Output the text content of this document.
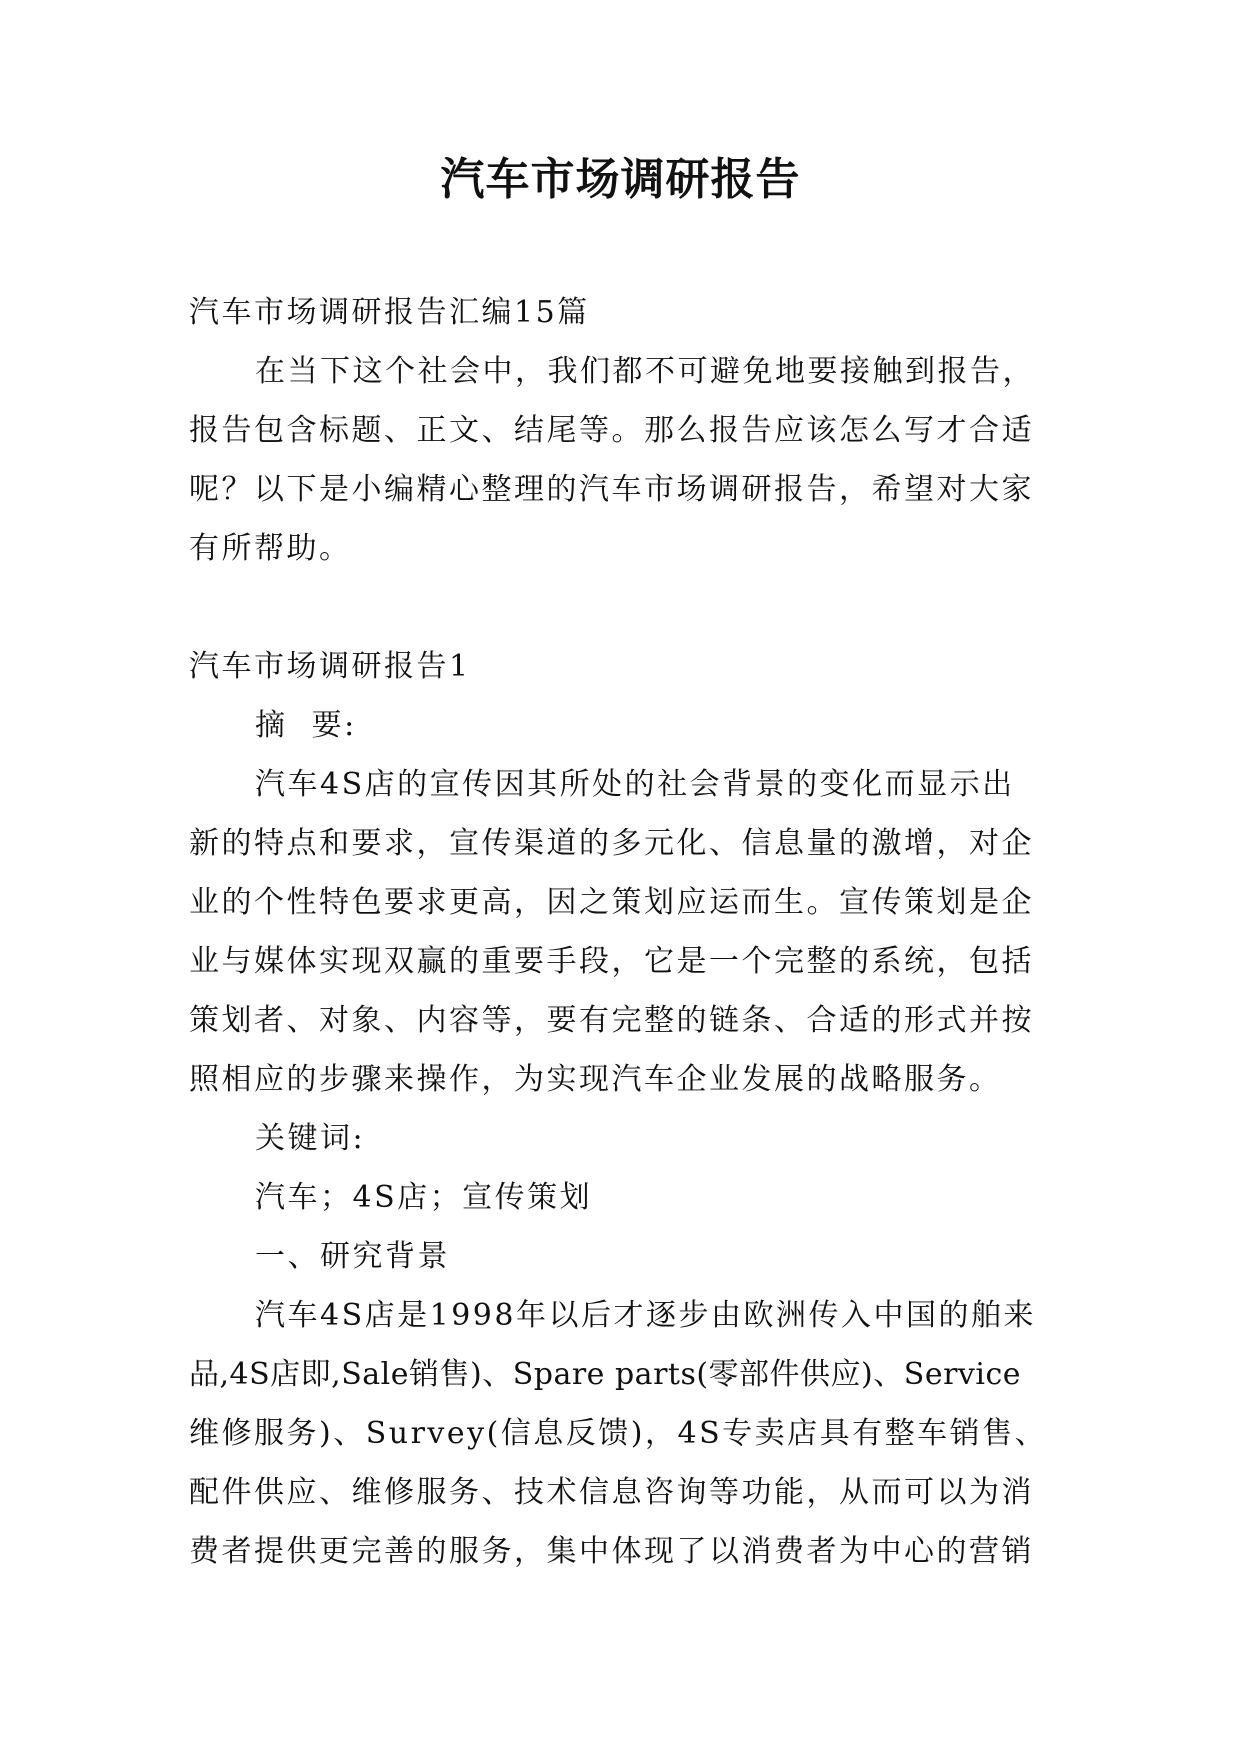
汽车市场调研报告
汽车市场调研报告汇编15篇
在当下这个社会中，我们都不可避免地要接触到报告，
报告包含标题、正文、结尾等。那么报告应该怎么写才合适
呢？以下是小编精心整理的汽车市场调研报告，希望对大家
有所帮助。
汽车市场调研报告1
摘  要:
汽车4S店的宣传因其所处的社会背景的变化而显示出
新的特点和要求，宣传渠道的多元化、信息量的激增，对企
业的个性特色要求更高，因之策划应运而生。宣传策划是企
业与媒体实现双赢的重要手段，它是一个完整的系统，包括
策划者、对象、内容等，要有完整的链条、合适的形式并按
照相应的步骤来操作，为实现汽车企业发展的战略服务。
关键词:
汽车；4S店；宣传策划
一、研究背景
汽车4S店是1998年以后才逐步由欧洲传入中国的舶来
品,4S店即,Sale销售)、Spare parts(零部件供应)、Service
维修服务)、Survey(信息反馈)，4S专卖店具有整车销售、
配件供应、维修服务、技术信息咨询等功能，从而可以为消
费者提供更完善的服务，集中体现了以消费者为中心的营销
